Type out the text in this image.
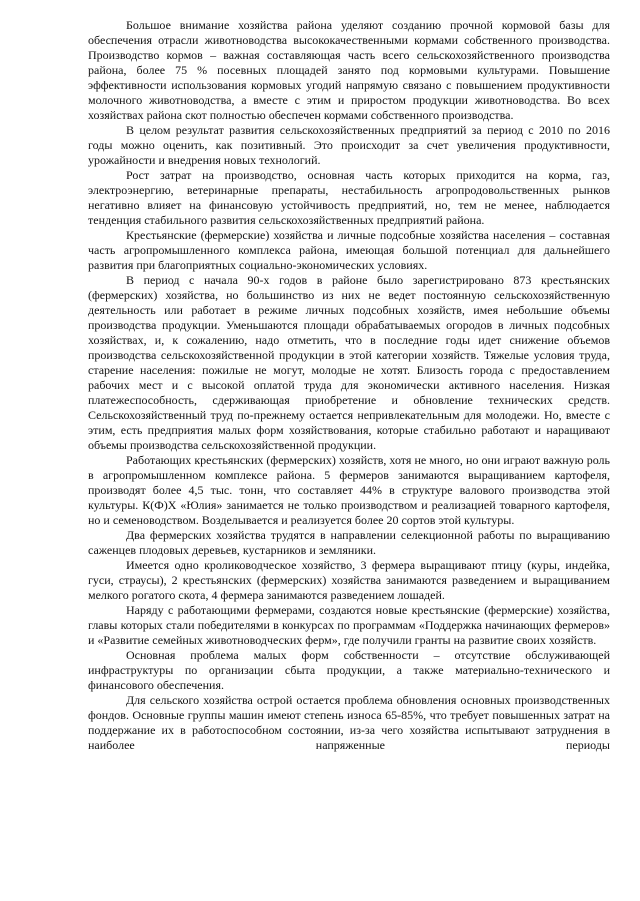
Большое внимание хозяйства района уделяют созданию прочной кормовой базы для обеспечения отрасли животноводства высококачественными кормами собственного производства. Производство кормов – важная составляющая часть всего сельскохозяйственного производства района, более 75 % посевных площадей занято под кормовыми культурами. Повышение эффективности использования кормовых угодий напрямую связано с повышением продуктивности молочного животноводства, а вместе с этим и приростом продукции животноводства. Во всех хозяйствах района скот полностью обеспечен кормами собственного производства.

В целом результат развития сельскохозяйственных предприятий за период с 2010 по 2016 годы можно оценить, как позитивный. Это происходит за счет увеличения продуктивности, урожайности и внедрения новых технологий.

Рост затрат на производство, основная часть которых приходится на корма, газ, электроэнергию, ветеринарные препараты, нестабильность агропродовольственных рынков негативно влияет на финансовую устойчивость предприятий, но, тем не менее, наблюдается тенденция стабильного развития сельскохозяйственных предприятий района.

Крестьянские (фермерские) хозяйства и личные подсобные хозяйства населения – составная часть агропромышленного комплекса района, имеющая большой потенциал для дальнейшего развития при благоприятных социально-экономических условиях.

В период с начала 90-х годов в районе было зарегистрировано 873 крестьянских (фермерских) хозяйства, но большинство из них не ведет постоянную сельскохозяйственную деятельность или работает в режиме личных подсобных хозяйств, имея небольшие объемы производства продукции. Уменьшаются площади обрабатываемых огородов в личных подсобных хозяйствах, и, к сожалению, надо отметить, что в последние годы идет снижение объемов производства сельскохозяйственной продукции в этой категории хозяйств. Тяжелые условия труда, старение населения: пожилые не могут, молодые не хотят. Близость города с предоставлением рабочих мест и с высокой оплатой труда для экономически активного населения. Низкая платежеспособность, сдерживающая приобретение и обновление технических средств. Сельскохозяйственный труд по-прежнему остается непривлекательным для молодежи. Но, вместе с этим, есть предприятия малых форм хозяйствования, которые стабильно работают и наращивают объемы производства сельскохозяйственной продукции.

Работающих крестьянских (фермерских) хозяйств, хотя не много, но они играют важную роль в агропромышленном комплексе района. 5 фермеров занимаются выращиванием картофеля, производят более 4,5 тыс. тонн, что составляет 44% в структуре валового производства этой культуры. К(Ф)Х «Юлия» занимается не только производством и реализацией товарного картофеля, но и семеноводством. Возделывается и реализуется более 20 сортов этой культуры.

Два фермерских хозяйства трудятся в направлении селекционной работы по выращиванию саженцев плодовых деревьев, кустарников и земляники.

Имеется одно кролиководческое хозяйство, 3 фермера выращивают птицу (куры, индейка, гуси, страусы), 2 крестьянских (фермерских) хозяйства занимаются разведением и выращиванием мелкого рогатого скота, 4 фермера занимаются разведением лошадей.

Наряду с работающими фермерами, создаются новые крестьянские (фермерские) хозяйства, главы которых стали победителями в конкурсах по программам «Поддержка начинающих фермеров» и «Развитие семейных животноводческих ферм», где получили гранты на развитие своих хозяйств.

Основная проблема малых форм собственности – отсутствие обслуживающей инфраструктуры по организации сбыта продукции, а также материально-технического и финансового обеспечения.

Для сельского хозяйства острой остается проблема обновления основных производственных фондов. Основные группы машин имеют степень износа 65-85%, что требует повышенных затрат на поддержание их в работоспособном состоянии, из-за чего хозяйства испытывают затруднения в наиболее напряженные периоды
